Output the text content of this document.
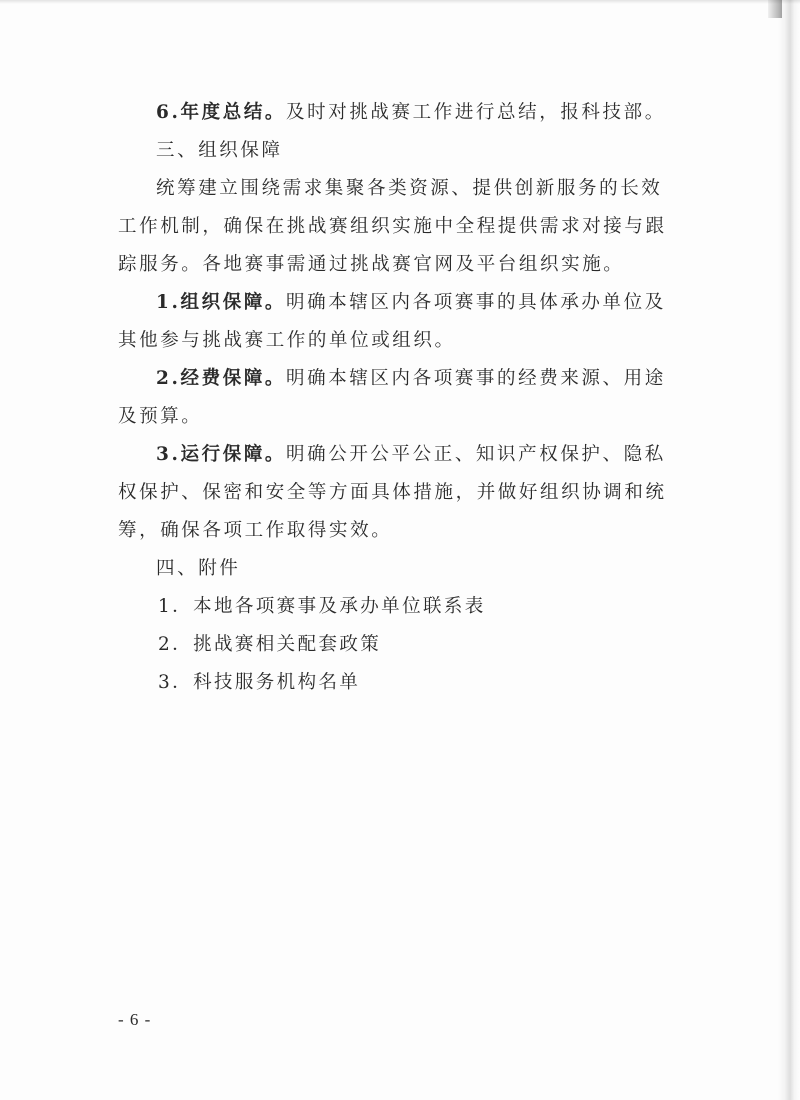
6.年度总结。及时对挑战赛工作进行总结，报科技部。
三、组织保障
统筹建立围绕需求集聚各类资源、提供创新服务的长效
工作机制，确保在挑战赛组织实施中全程提供需求对接与跟
踪服务。各地赛事需通过挑战赛官网及平台组织实施。
1.组织保障。明确本辖区内各项赛事的具体承办单位及
其他参与挑战赛工作的单位或组织。
2.经费保障。明确本辖区内各项赛事的经费来源、用途
及预算。
3.运行保障。明确公开公平公正、知识产权保护、隐私
权保护、保密和安全等方面具体措施，并做好组织协调和统
筹，确保各项工作取得实效。
四、附件
1．本地各项赛事及承办单位联系表
2．挑战赛相关配套政策
3．科技服务机构名单
- 6 -
